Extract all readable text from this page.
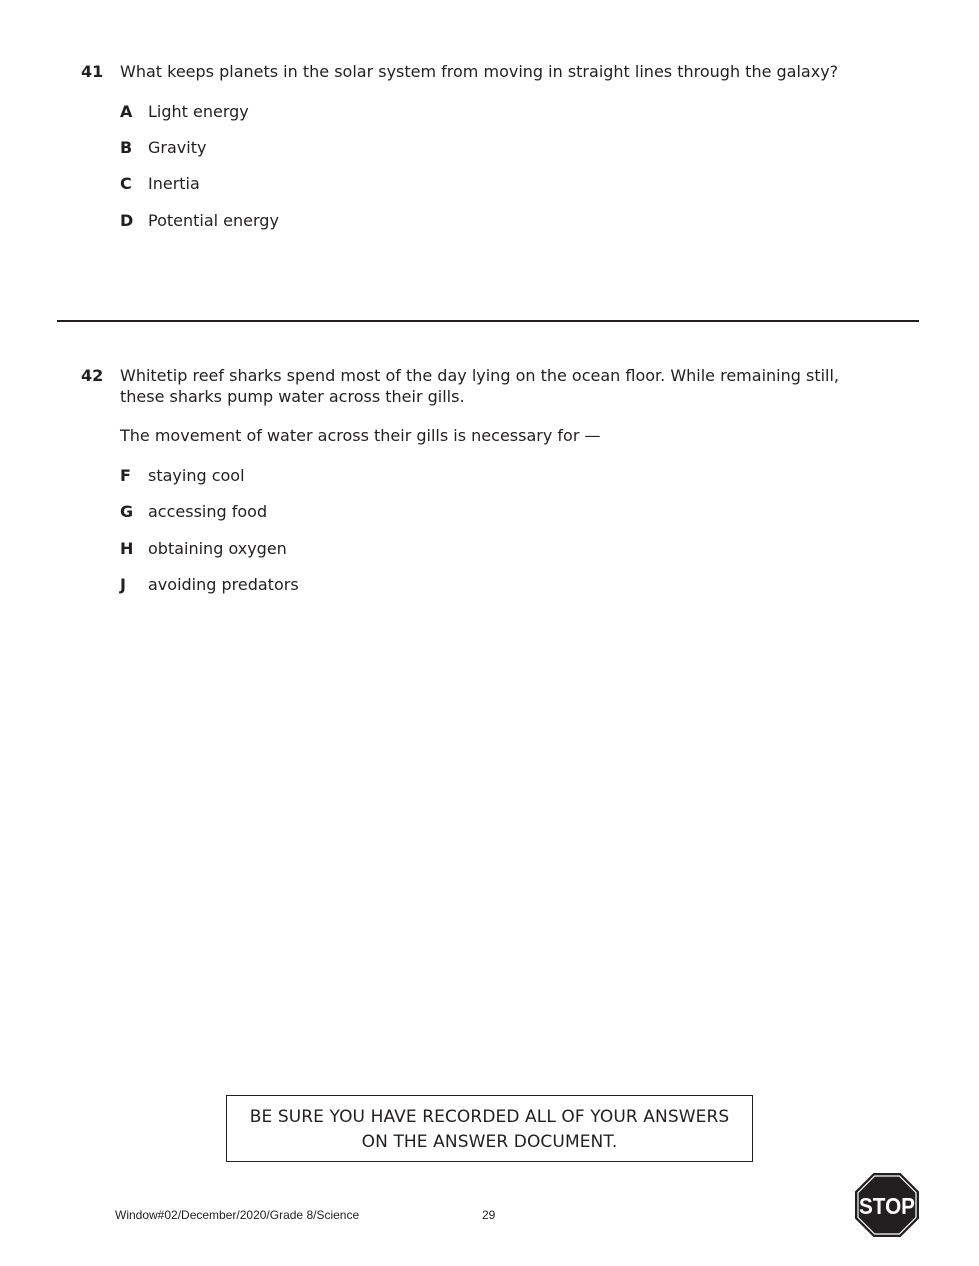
41 What keeps planets in the solar system from moving in straight lines through the galaxy?
A Light energy
B Gravity
C Inertia
D Potential energy
42 Whitetip reef sharks spend most of the day lying on the ocean floor. While remaining still,
these sharks pump water across their gills.
The movement of water across their gills is necessary for —
F staying cool
G accessing food
H obtaining oxygen
J avoiding predators
BE SURE YOU HAVE RECORDED ALL OF YOUR ANSWERS
ON THE ANSWER DOCUMENT.
Window#02/December/2020/Grade 8/Science	29	STOP
